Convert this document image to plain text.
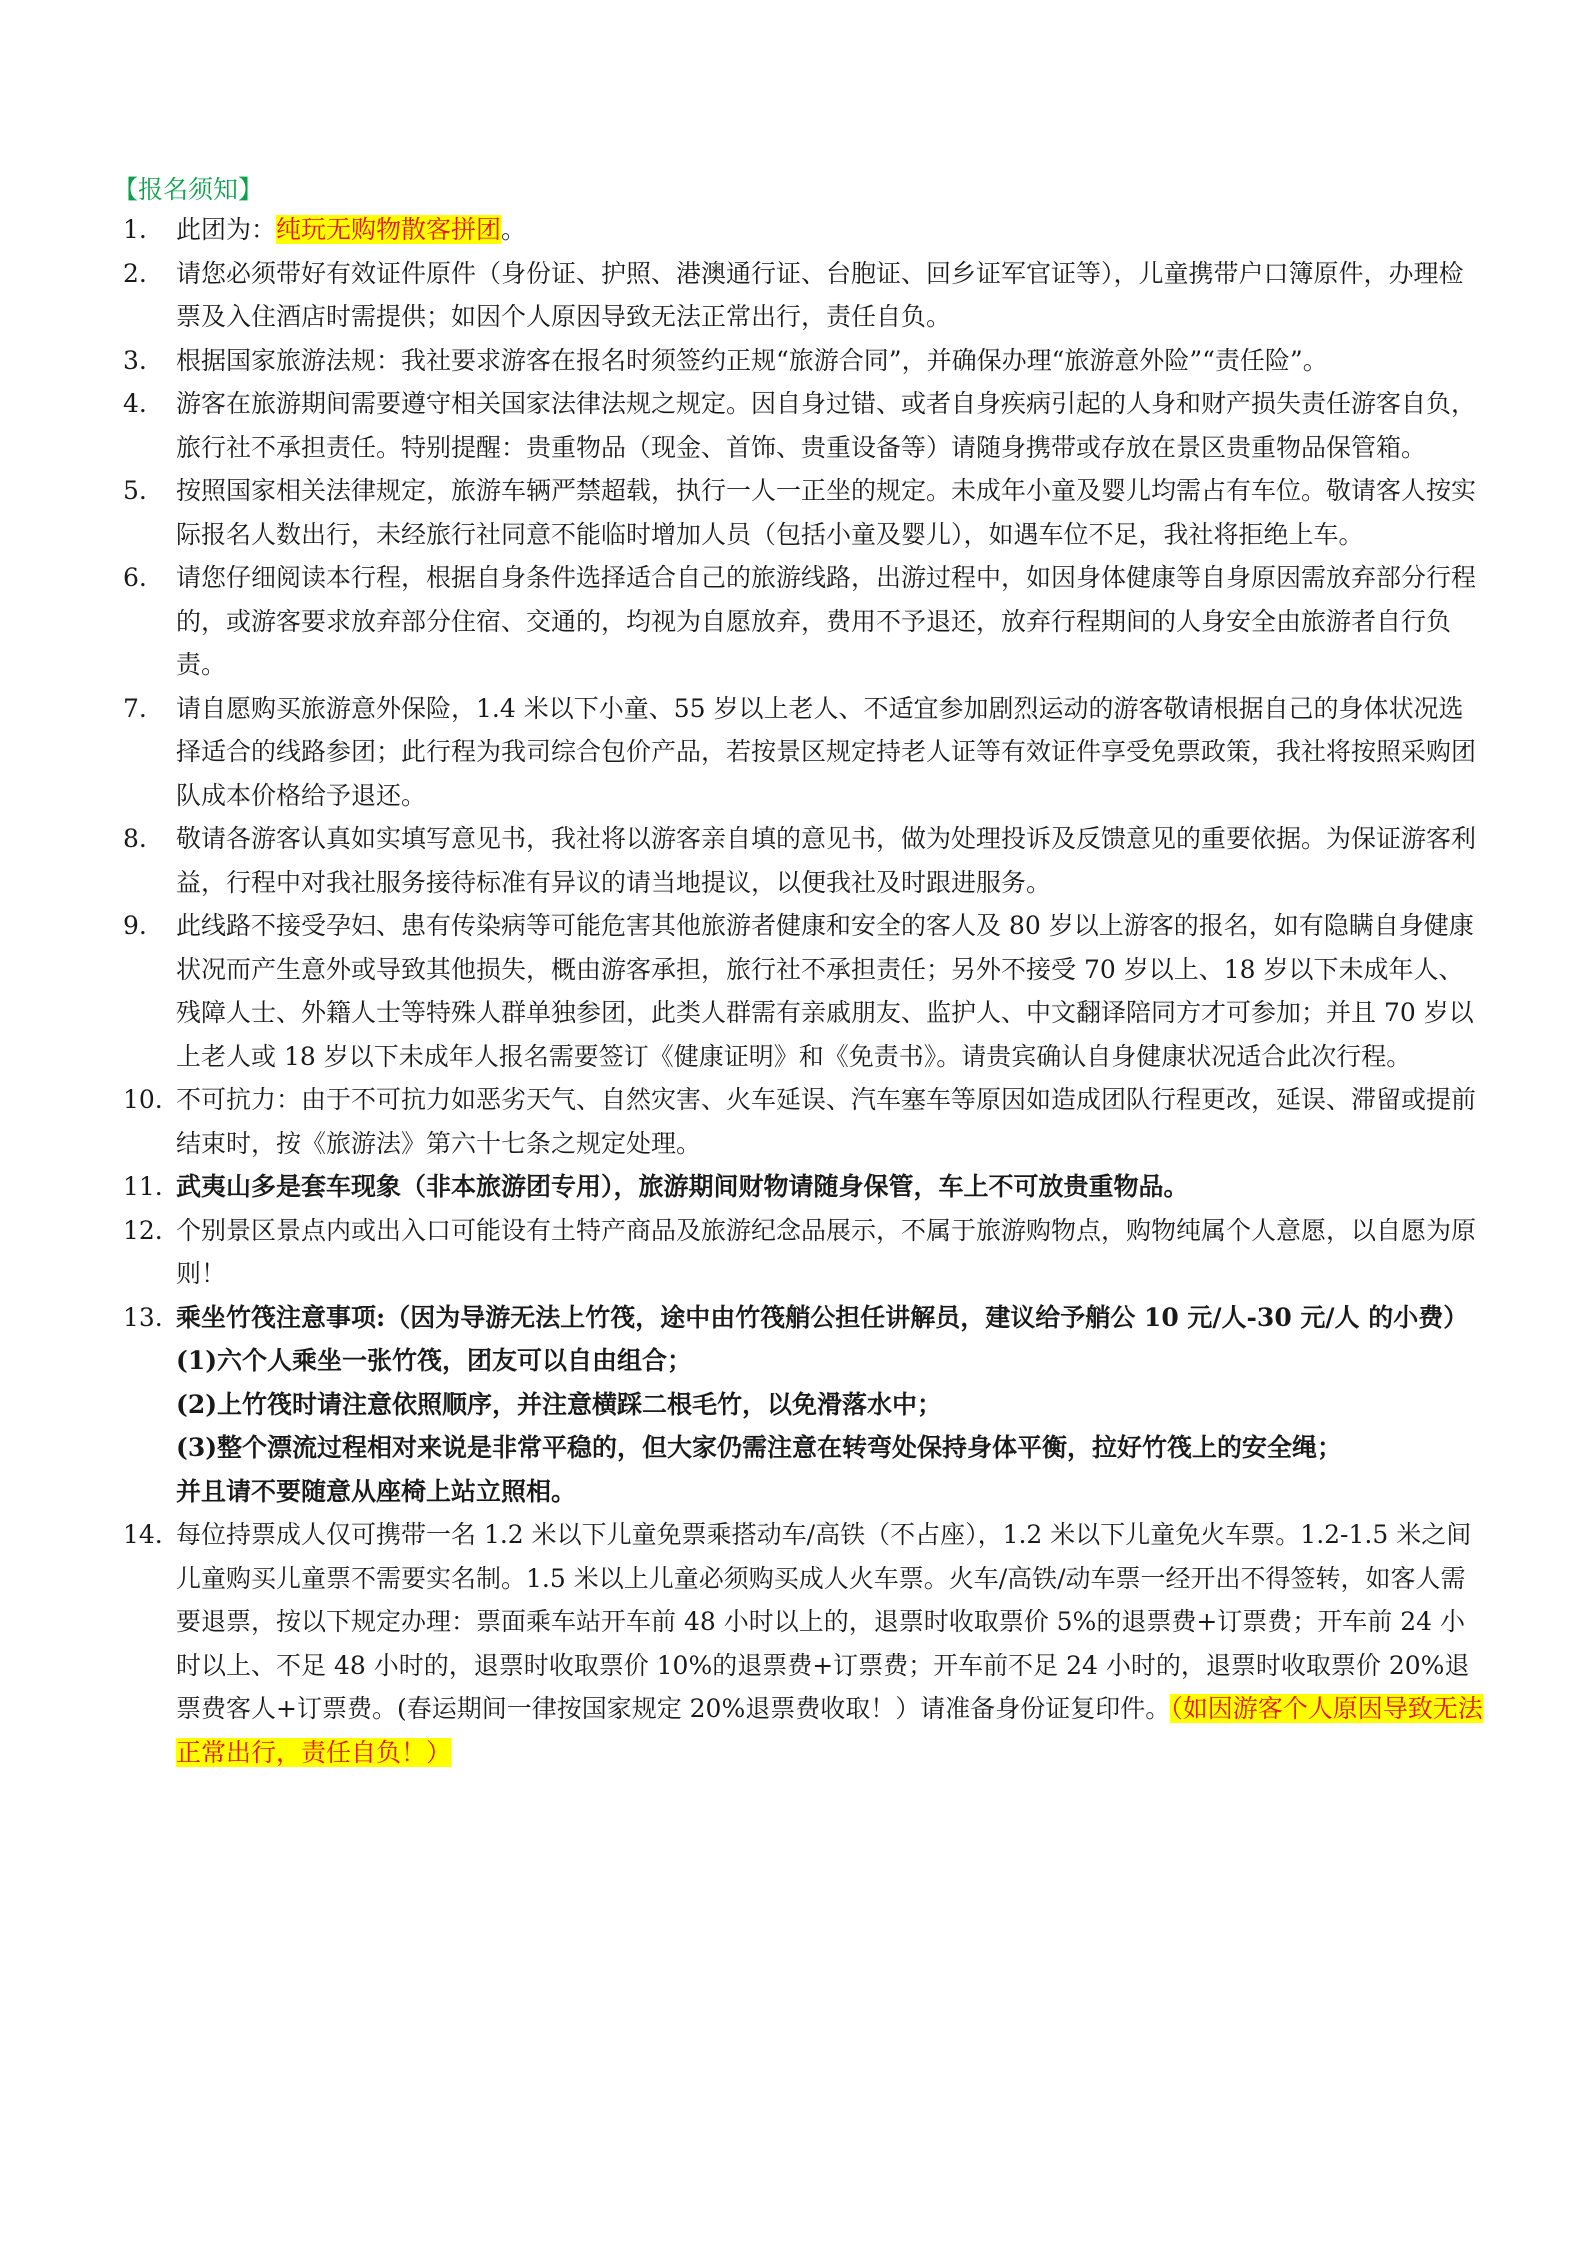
【报名须知】
1. 此团为：纯玩无购物散客拼团。
2. 请您必须带好有效证件原件（身份证、护照、港澳通行证、台胞证、回乡证军官证等），儿童携带户口簿原件，办理检票及入住酒店时需提供；如因个人原因导致无法正常出行，责任自负。
3. 根据国家旅游法规：我社要求游客在报名时须签约正规“旅游合同”，并确保办理“旅游意外险”“责任险”。
4. 游客在旅游期间需要遵守相关国家法律法规之规定。因自身过错、或者自身疾病引起的人身和财产损失责任游客自负，旅行社不承担责任。特别提醒：贵重物品（现金、首饰、贵重设备等）请随身携带或存放在景区贵重物品保管箱。
5. 按照国家相关法律规定，旅游车辆严禁超载，执行一人一正坐的规定。未成年小童及婴儿均需占有车位。敬请客人按实际报名人数出行，未经旅行社同意不能临时增加人员（包括小童及婴儿），如遇车位不足，我社将拒绝上车。
6. 请您仔细阅读本行程，根据自身条件选择适合自己的旅游线路，出游过程中，如因身体健康等自身原因需放弃部分行程的，或游客要求放弃部分住宿、交通的，均视为自愿放弃，费用不予退还，放弃行程期间的人身安全由旅游者自行负责。
7. 请自愿购买旅游意外保险，1.4 米以下小童、55 岁以上老人、不适宜参加剧烈运动的游客敬请根据自己的身体状况选择适合的线路参团；此行程为我司综合包价产品，若按景区规定持老人证等有效证件享受免票政策，我社将按照采购团队成本价格给予退还。
8. 敬请各游客认真如实填写意见书，我社将以游客亲自填的意见书，做为处理投诉及反馈意见的重要依据。为保证游客利益，行程中对我社服务接待标准有异议的请当地提议，以便我社及时跟进服务。
9. 此线路不接受孕妇、患有传染病等可能危害其他旅游者健康和安全的客人及 80 岁以上游客的报名，如有隐瞒自身健康状况而产生意外或导致其他损失，概由游客承担，旅行社不承担责任；另外不接受 70 岁以上、18 岁以下未成年人、残障人士、外籍人士等特殊人群单独参团，此类人群需有亲戚朋友、监护人、中文翻译陪同方才可参加；并且 70 岁以上老人或 18 岁以下未成年人报名需要签订《健康证明》和《免责书》。请贵宾确认自身健康状况适合此次行程。
10. 不可抗力：由于不可抗力如恶劣天气、自然灾害、火车延误、汽车塞车等原因如造成团队行程更改，延误、滞留或提前结束时，按《旅游法》第六十七条之规定处理。
11. 武夷山多是套车现象（非本旅游团专用），旅游期间财物请随身保管，车上不可放贵重物品。
12. 个别景区景点内或出入口可能设有土特产商品及旅游纪念品展示，不属于旅游购物点，购物纯属个人意愿，以自愿为原则！
13. 乘坐竹筏注意事项:（因为导游无法上竹筏，途中由竹筏艄公担任讲解员，建议给予艄公 10 元/人-30 元/人 的小费）
(1)六个人乘坐一张竹筏，团友可以自由组合；
(2)上竹筏时请注意依照顺序，并注意横踩二根毛竹，以免滑落水中；
(3)整个漂流过程相对来说是非常平稳的，但大家仍需注意在转弯处保持身体平衡，拉好竹筏上的安全绳；
并且请不要随意从座椅上站立照相。
14. 每位持票成人仅可携带一名 1.2 米以下儿童免票乘搭动车/高铁（不占座），1.2 米以下儿童免火车票。1.2-1.5 米之间儿童购买儿童票不需要实名制。1.5 米以上儿童必须购买成人火车票。火车/高铁/动车票一经开出不得签转，如客人需要退票，按以下规定办理：票面乘车站开车前 48 小时以上的，退票时收取票价 5%的退票费+订票费；开车前 24 小时以上、不足 48 小时的，退票时收取票价 10%的退票费+订票费；开车前不足 24 小时的，退票时收取票价 20%退票费客人+订票费。(春运期间一律按国家规定 20%退票费收取！）请准备身份证复印件。（如因游客个人原因导致无法正常出行，责任自负！）
